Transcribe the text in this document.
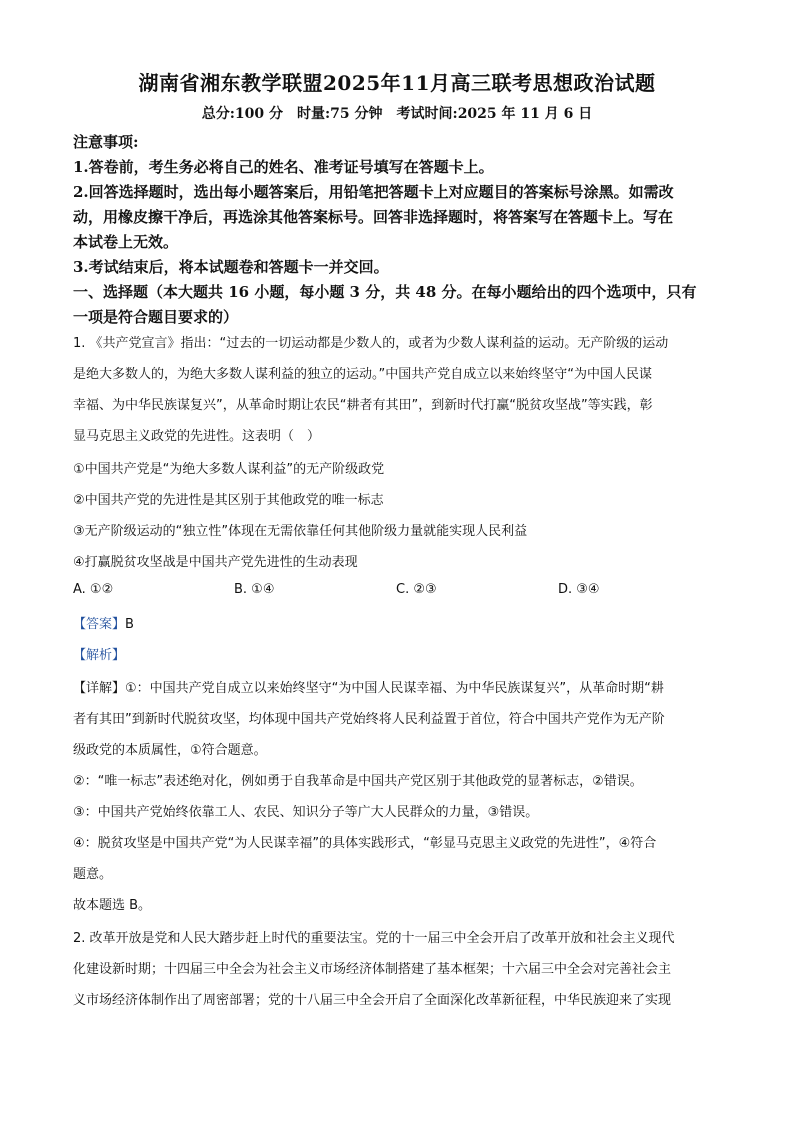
湖南省湘东教学联盟2025年11月高三联考思想政治试题
总分:100 分　时量:75 分钟　考试时间:2025 年 11 月 6 日
注意事项:
1.答卷前，考生务必将自己的姓名、准考证号填写在答题卡上。
2.回答选择题时，选出每小题答案后，用铅笔把答题卡上对应题目的答案标号涂黑。如需改
动，用橡皮擦干净后，再选涂其他答案标号。回答非选择题时，将答案写在答题卡上。写在
本试卷上无效。
3.考试结束后，将本试题卷和答题卡一并交回。
一、选择题（本大题共 16 小题，每小题 3 分，共 48 分。在每小题给出的四个选项中，只有
一项是符合题目要求的）
1. 《共产党宣言》指出：“过去的一切运动都是少数人的，或者为少数人谋利益的运动。无产阶级的运动
是绝大多数人的，为绝大多数人谋利益的独立的运动。”中国共产党自成立以来始终坚守“为中国人民谋
幸福、为中华民族谋复兴”，从革命时期让农民“耕者有其田”，到新时代打赢“脱贫攻坚战”等实践，彰
显马克思主义政党的先进性。这表明（　）
①中国共产党是“为绝大多数人谋利益”的无产阶级政党
②中国共产党的先进性是其区别于其他政党的唯一标志
③无产阶级运动的“独立性”体现在无需依靠任何其他阶级力量就能实现人民利益
④打赢脱贫攻坚战是中国共产党先进性的生动表现
A. ①②	B. ①④	C. ②③	D. ③④
【答案】B
【解析】
【详解】①：中国共产党自成立以来始终坚守“为中国人民谋幸福、为中华民族谋复兴”，从革命时期“耕
者有其田”到新时代脱贫攻坚，均体现中国共产党始终将人民利益置于首位，符合中国共产党作为无产阶
级政党的本质属性，①符合题意。
②：“唯一标志”表述绝对化，例如勇于自我革命是中国共产党区别于其他政党的显著标志，②错误。
③：中国共产党始终依靠工人、农民、知识分子等广大人民群众的力量，③错误。
④：脱贫攻坚是中国共产党“为人民谋幸福”的具体实践形式，“彰显马克思主义政党的先进性”，④符合
题意。
故本题选 B。
2. 改革开放是党和人民大踏步赶上时代的重要法宝。党的十一届三中全会开启了改革开放和社会主义现代
化建设新时期；十四届三中全会为社会主义市场经济体制搭建了基本框架；十六届三中全会对完善社会主
义市场经济体制作出了周密部署；党的十八届三中全会开启了全面深化改革新征程，中华民族迎来了实现
